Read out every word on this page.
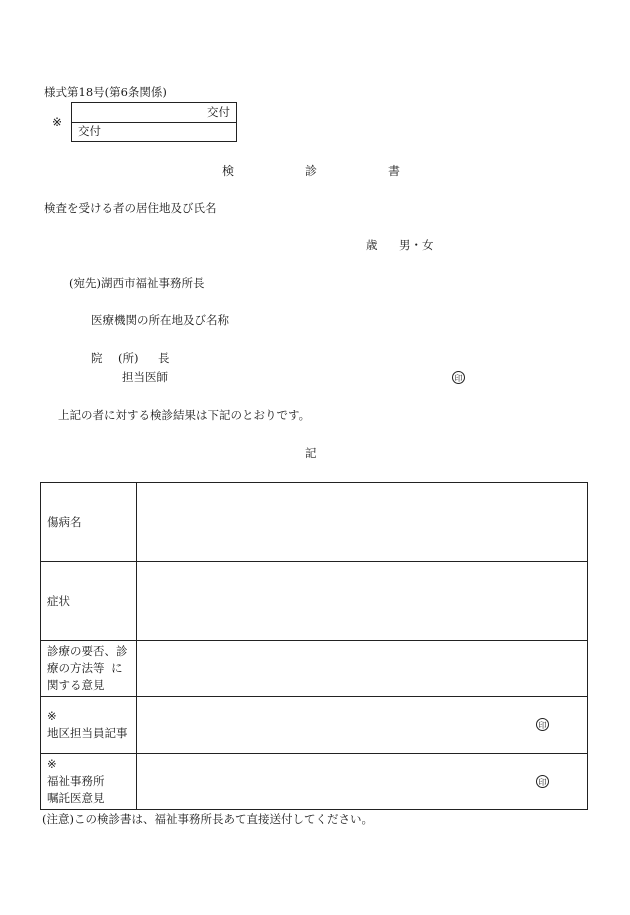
様式第18号(第6条関係)
※
交付
交付
検	診	書
検査を受ける者の居住地及び氏名
歳 男・女
(宛先)湖西市福祉事務所長
医療機関の所在地及び名称
院 (所) 長
担当医師	印
上記の者に対する検診結果は下記のとおりです。
記
傷病名	
症状	

診療の要否、診
療の方法等 に
関する意見	

※
地区担当員記事	印

※
福祉事務所
嘱託医意見	印
(注意)この検診書は、福祉事務所長あて直接送付してください。
